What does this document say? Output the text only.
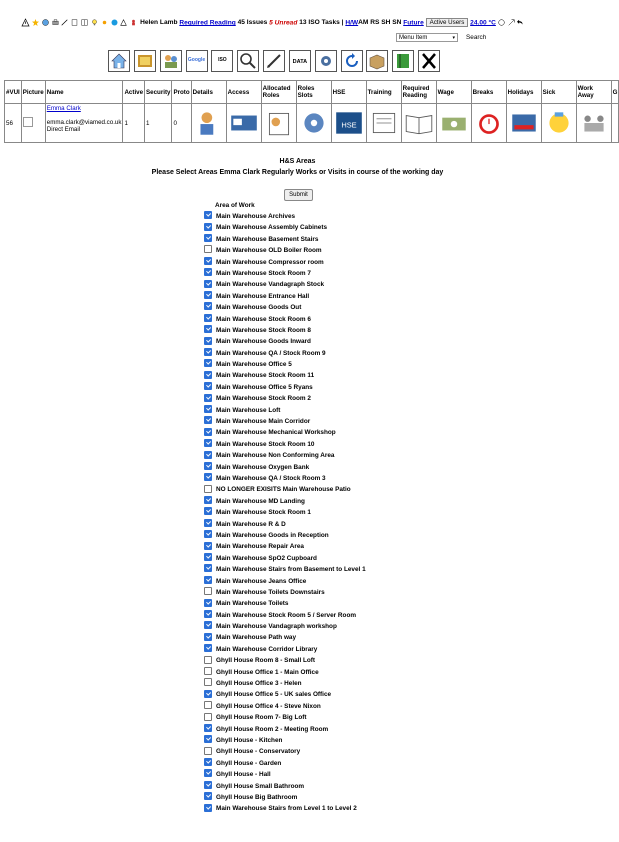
Helen Lamb Required Reading 45 Issues 5 Unread 13 ISO Tasks | H/WAM RS SH SN Future Active Users 24.00 °C
Menu Item	▾ Search

Google
	ISO

	DATA

#VUI	Picture	Name	Active	Security	Proto	Details	Access	Allocated Roles	Roles Slots	HSE	Training	Required Reading	Wage	Breaks	Holidays	Sick	Work Away	G
56		Emma Clark

emma.clark@viamed.co.uk
Direct Email	1	1	0					HSE

H&S Areas
Please Select Areas Emma Clark Regularly Works or Visits in course of the working day
Submit
Area of Work
Main Warehouse Archives
Main Warehouse Assembly Cabinets
Main Warehouse Basement Stairs
Main Warehouse OLD Boiler Room
Main Warehouse Compressor room
Main Warehouse Stock Room 7
Main Warehouse Vandagraph Stock
Main Warehouse Entrance Hall
Main Warehouse Goods Out
Main Warehouse Stock Room 6
Main Warehouse Stock Room 8
Main Warehouse Goods Inward
Main Warehouse QA / Stock Room 9
Main Warehouse Office 5
Main Warehouse Stock Room 11
Main Warehouse Office 5 Ryans
Main Warehouse Stock Room 2
Main Warehouse Loft
Main Warehouse Main Corridor
Main Warehouse Mechanical Workshop
Main Warehouse Stock Room 10
Main Warehouse Non Conforming Area
Main Warehouse Oxygen Bank
Main Warehouse QA / Stock Room 3
NO LONGER EXISITS Main Warehouse Patio
Main Warehouse MD Landing
Main Warehouse Stock Room 1
Main Warehouse R & D
Main Warehouse Goods in Reception
Main Warehouse Repair Area
Main Warehouse SpO2 Cupboard
Main Warehouse Stairs from Basement to Level 1
Main Warehouse Jeans Office
Main Warehouse Toilets Downstairs
Main Warehouse Toilets
Main Warehouse Stock Room 5 / Server Room
Main Warehouse Vandagraph workshop
Main Warehouse Path way
Main Warehouse Corridor Library
Ghyll House Room 8 - Small Loft
Ghyll House Office 1 - Main Office
Ghyll House Office 3 - Helen
Ghyll House Office 5 - UK sales Office
Ghyll House Office 4 - Steve Nixon
Ghyll House Room 7- Big Loft
Ghyll House Room 2 - Meeting Room
Ghyll House - Kitchen
Ghyll House - Conservatory
Ghyll House - Garden
Ghyll House - Hall
Ghyll House Small Bathroom
Ghyll House Big Bathroom
Main Warehouse Stairs from Level 1 to Level 2
